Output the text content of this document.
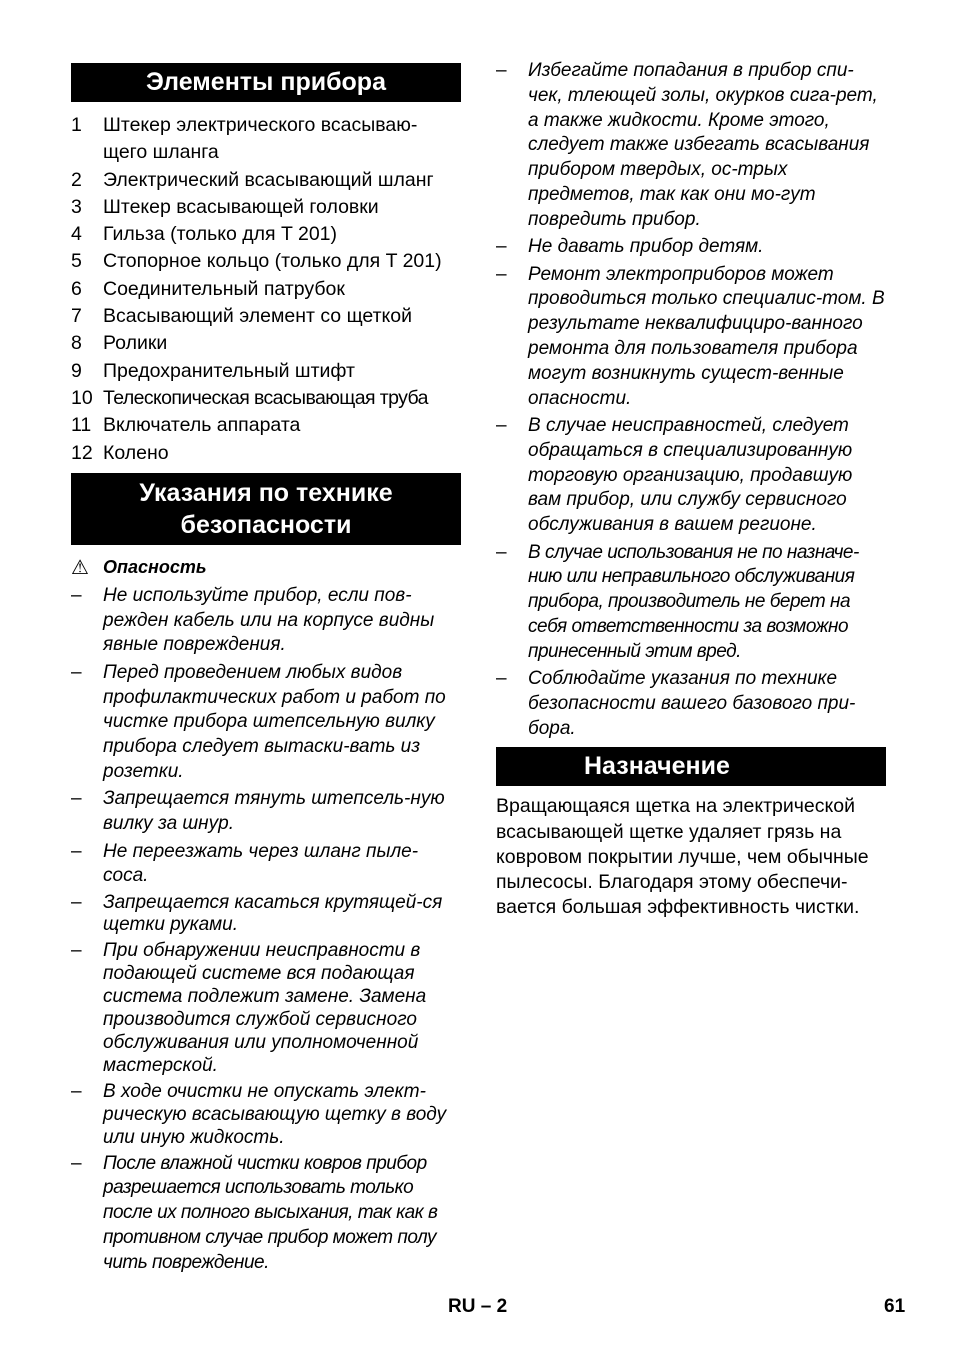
Элементы прибора
1	Штекер электрического всасываю-щего шланга
2	Электрический всасывающий шланг
3	Штекер всасывающей головки
4	Гильза (только для T 201)
5	Стопорное кольцо (только для T 201)
6	Соединительный патрубок
7	Всасывающий элемент со щеткой
8	Ролики
9	Предохранительный штифт
10 Телескопическая всасывающая труба
11 Включатель аппарата
12 Колено
Указания по технике
безопасности
⚠ Опасность
–	Не используйте прибор, если пов-режден кабель или на корпусе видны явные повреждения.
–	Перед проведением любых видов профилактических работ и работ по чистке прибора штепсельную вилку прибора следует вытаски-вать из розетки.
–	Запрещается тянуть штепсель-ную вилку за шнур.
–	Не переезжать через шланг пыле-соса.
–	Запрещается касаться крутящей-ся щетки руками.
–	При обнаружении неисправности в подающей системе вся подающая система подлежит замене. Замена производится службой сервисного обслуживания или уполномоченной мастерской.
–	В ходе очистки не опускать элект-рическую всасывающую щетку в воду или иную жидкость.
–	После влажной чистки ковров прибор разрешается использовать только после их полного высыхания, так как в противном случае прибор может полу чить повреждение.
–	Избегайте попадания в прибор спи-чек, тлеющей золы, окурков сига-рет, а также жидкости. Кроме этого, следует также избегать всасывания прибором твердых, ос-трых предметов, так как они мо-гут повредить прибор.
–	Не давать прибор детям.
–	Ремонт электроприборов может проводиться только специалис-том. В результате неквалифициро-ванного ремонта для пользователя прибора могут возникнуть сущест-венные опасности.
–	В случае неисправностей, следует обращаться в специализированную торговую организацию, продавшую вам прибор, или службу сервисного обслуживания в вашем регионе.
–	В случае использования не по назначе-нию или неправильного обслуживания прибора, производитель не берет на себя ответственности за возможно принесенный этим вред.
–	Соблюдайте указания по технике безопасности вашего базового при-бора.
Назначение
Вращающаяся щетка на электрической всасывающей щетке удаляет грязь на ковровом покрытии лучше, чем обычные пылесосы. Благодаря этому обеспечи-вается большая эффективность чистки.
RU – 2	61
